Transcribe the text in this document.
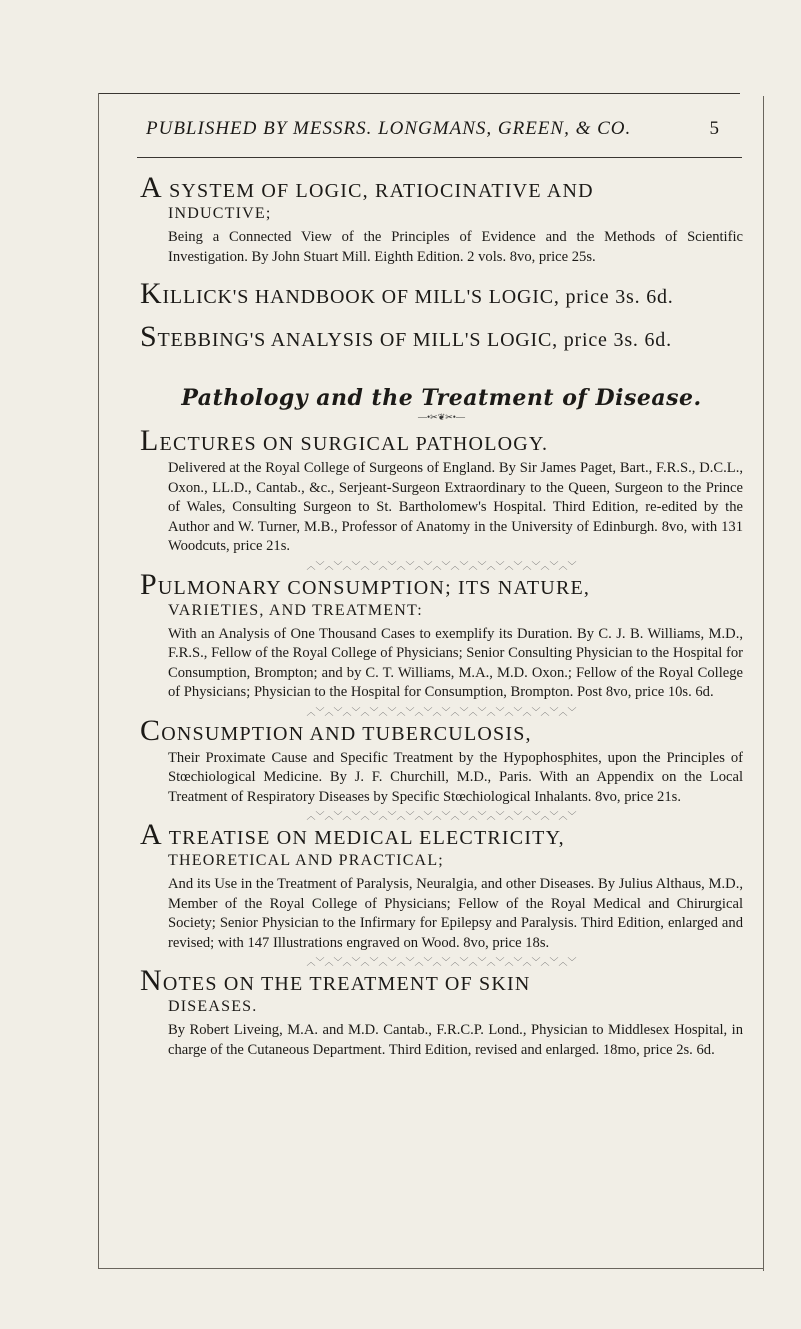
PUBLISHED BY MESSRS. LONGMANS, GREEN, & CO.	5

A SYSTEM OF LOGIC, RATIOCINATIVE AND

INDUCTIVE;

Being a Connected View of the Principles of Evidence and the Methods of Scientific Investigation. By John Stuart Mill. Eighth Edition. 2 vols. 8vo, price 25s.

KILLICK'S HANDBOOK OF MILL'S LOGIC, price 3s. 6d.

STEBBING'S ANALYSIS OF MILL'S LOGIC, price 3s. 6d.

Pathology and the Treatment of Disease.
—•✂❦✂•—

LECTURES ON SURGICAL PATHOLOGY.

Delivered at the Royal College of Surgeons of England. By Sir James Paget, Bart., F.R.S., D.C.L., Oxon., LL.D., Cantab., &c., Serjeant-Surgeon Extraordinary to the Queen, Surgeon to the Prince of Wales, Consulting Surgeon to St. Bartholomew's Hospital. Third Edition, re-edited by the Author and W. Turner, M.B., Professor of Anatomy in the University of Edinburgh. 8vo, with 131 Woodcuts, price 21s.

︿﹀︿﹀︿﹀︿﹀︿﹀︿﹀︿﹀︿﹀︿﹀︿﹀︿﹀︿﹀︿﹀︿﹀︿﹀

PULMONARY CONSUMPTION; ITS NATURE,

VARIETIES, AND TREATMENT:

With an Analysis of One Thousand Cases to exemplify its Duration. By C. J. B. Williams, M.D., F.R.S., Fellow of the Royal College of Physicians; Senior Consulting Physician to the Hospital for Consumption, Brompton; and by C. T. Williams, M.A., M.D. Oxon.; Fellow of the Royal College of Physicians; Physician to the Hospital for Consumption, Brompton. Post 8vo, price 10s. 6d.

︿﹀︿﹀︿﹀︿﹀︿﹀︿﹀︿﹀︿﹀︿﹀︿﹀︿﹀︿﹀︿﹀︿﹀︿﹀

CONSUMPTION AND TUBERCULOSIS,

Their Proximate Cause and Specific Treatment by the Hypophosphites, upon the Principles of Stœchiological Medicine. By J. F. Churchill, M.D., Paris. With an Appendix on the Local Treatment of Respiratory Diseases by Specific Stœchiological Inhalants. 8vo, price 21s.

︿﹀︿﹀︿﹀︿﹀︿﹀︿﹀︿﹀︿﹀︿﹀︿﹀︿﹀︿﹀︿﹀︿﹀︿﹀

A TREATISE ON MEDICAL ELECTRICITY,

THEORETICAL AND PRACTICAL;

And its Use in the Treatment of Paralysis, Neuralgia, and other Diseases. By Julius Althaus, M.D., Member of the Royal College of Physicians; Fellow of the Royal Medical and Chirurgical Society; Senior Physician to the Infirmary for Epilepsy and Paralysis. Third Edition, enlarged and revised; with 147 Illustrations engraved on Wood. 8vo, price 18s.

︿﹀︿﹀︿﹀︿﹀︿﹀︿﹀︿﹀︿﹀︿﹀︿﹀︿﹀︿﹀︿﹀︿﹀︿﹀

NOTES ON THE TREATMENT OF SKIN

DISEASES.

By Robert Liveing, M.A. and M.D. Cantab., F.R.C.P. Lond., Physician to Middlesex Hospital, in charge of the Cutaneous Department. Third Edition, revised and enlarged. 18mo, price 2s. 6d.
